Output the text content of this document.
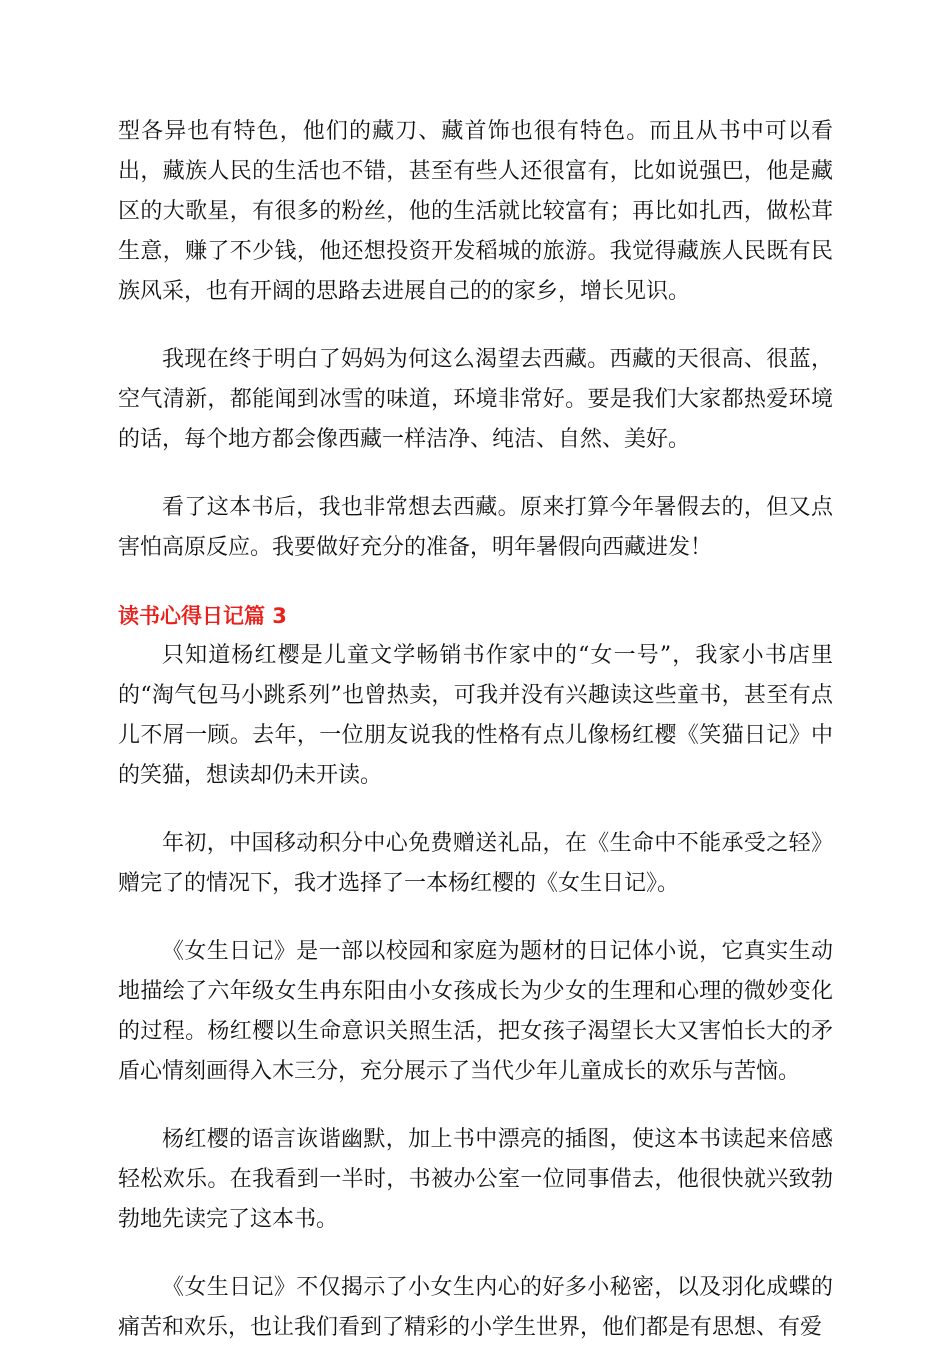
型各异也有特色，他们的藏刀、藏首饰也很有特色。而且从书中可以看出，藏族人民的生活也不错，甚至有些人还很富有，比如说强巴，他是藏区的大歌星，有很多的粉丝，他的生活就比较富有；再比如扎西，做松茸生意，赚了不少钱，他还想投资开发稻城的旅游。我觉得藏族人民既有民族风采，也有开阔的思路去进展自己的的家乡，增长见识。

我现在终于明白了妈妈为何这么渴望去西藏。西藏的天很高、很蓝，空气清新，都能闻到冰雪的味道，环境非常好。要是我们大家都热爱环境的话，每个地方都会像西藏一样洁净、纯洁、自然、美好。

看了这本书后，我也非常想去西藏。原来打算今年暑假去的，但又点害怕高原反应。我要做好充分的准备，明年暑假向西藏进发！

读书心得日记篇 3

只知道杨红樱是儿童文学畅销书作家中的“女一号”，我家小书店里的“淘气包马小跳系列”也曾热卖，可我并没有兴趣读这些童书，甚至有点儿不屑一顾。去年，一位朋友说我的性格有点儿像杨红樱《笑猫日记》中的笑猫，想读却仍未开读。

年初，中国移动积分中心免费赠送礼品，在《生命中不能承受之轻》赠完了的情况下，我才选择了一本杨红樱的《女生日记》。

《女生日记》是一部以校园和家庭为题材的日记体小说，它真实生动地描绘了六年级女生冉东阳由小女孩成长为少女的生理和心理的微妙变化的过程。杨红樱以生命意识关照生活，把女孩子渴望长大又害怕长大的矛盾心情刻画得入木三分，充分展示了当代少年儿童成长的欢乐与苦恼。

杨红樱的语言诙谐幽默，加上书中漂亮的插图，使这本书读起来倍感轻松欢乐。在我看到一半时，书被办公室一位同事借去，他很快就兴致勃勃地先读完了这本书。

《女生日记》不仅揭示了小女生内心的好多小秘密，以及羽化成蝶的痛苦和欢乐，也让我们看到了精彩的小学生世界，他们都是有思想、有爱
